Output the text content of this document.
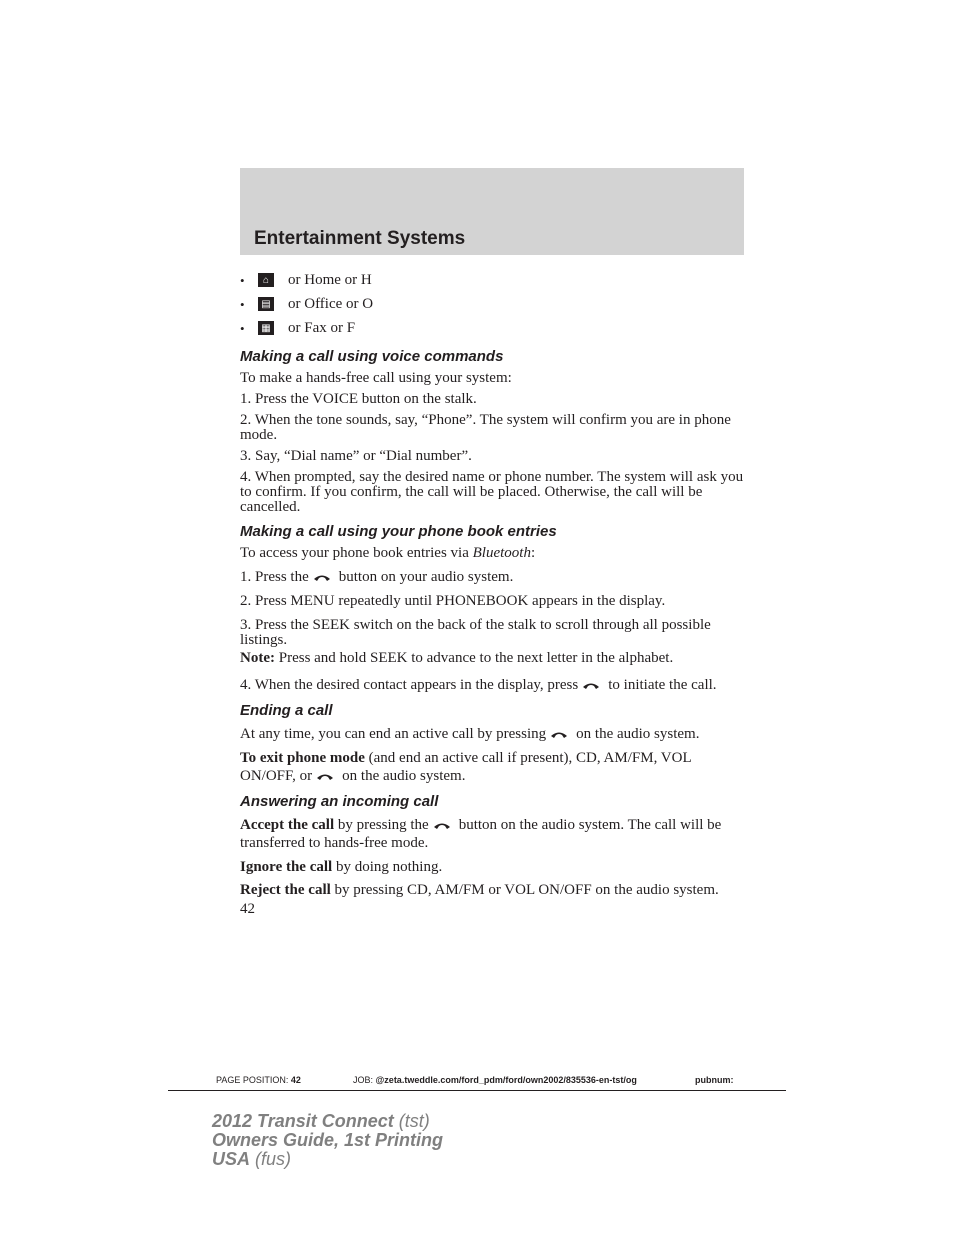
Entertainment Systems
•	⌂	or Home or H
•	▤ or Office or O
•	▦ or Fax or F
Making a call using voice commands

To make a hands-free call using your system:

1. Press the VOICE button on the stalk.

2. When the tone sounds, say, “Phone”. The system will confirm you are in phone mode.

3. Say, “Dial name” or “Dial number”.

4. When prompted, say the desired name or phone number. The system will ask you to confirm. If you confirm, the call will be placed. Otherwise, the call will be cancelled.

Making a call using your phone book entries

To access your phone book entries via Bluetooth:

1. Press the button on your audio system.

2. Press MENU repeatedly until PHONEBOOK appears in the display.

3. Press the SEEK switch on the back of the stalk to scroll through all possible listings.

Note: Press and hold SEEK to advance to the next letter in the alphabet.

4. When the desired contact appears in the display, press to initiate the call.

Ending a call

At any time, you can end an active call by pressing on the audio system.

To exit phone mode (and end an active call if present), CD, AM/FM, VOL ON/OFF, or on the audio system.

Answering an incoming call

Accept the call by pressing the button on the audio system. The call will be transferred to hands-free mode.

Ignore the call by doing nothing.

Reject the call by pressing CD, AM/FM or VOL ON/OFF on the audio system.

42

PAGE POSITION: 42	JOB: @zeta.tweddle.com/ford_pdm/ford/own2002/835536-en-tst/og	pubnum:
2012 Transit Connect (tst)
Owners Guide, 1st Printing
USA (fus)
